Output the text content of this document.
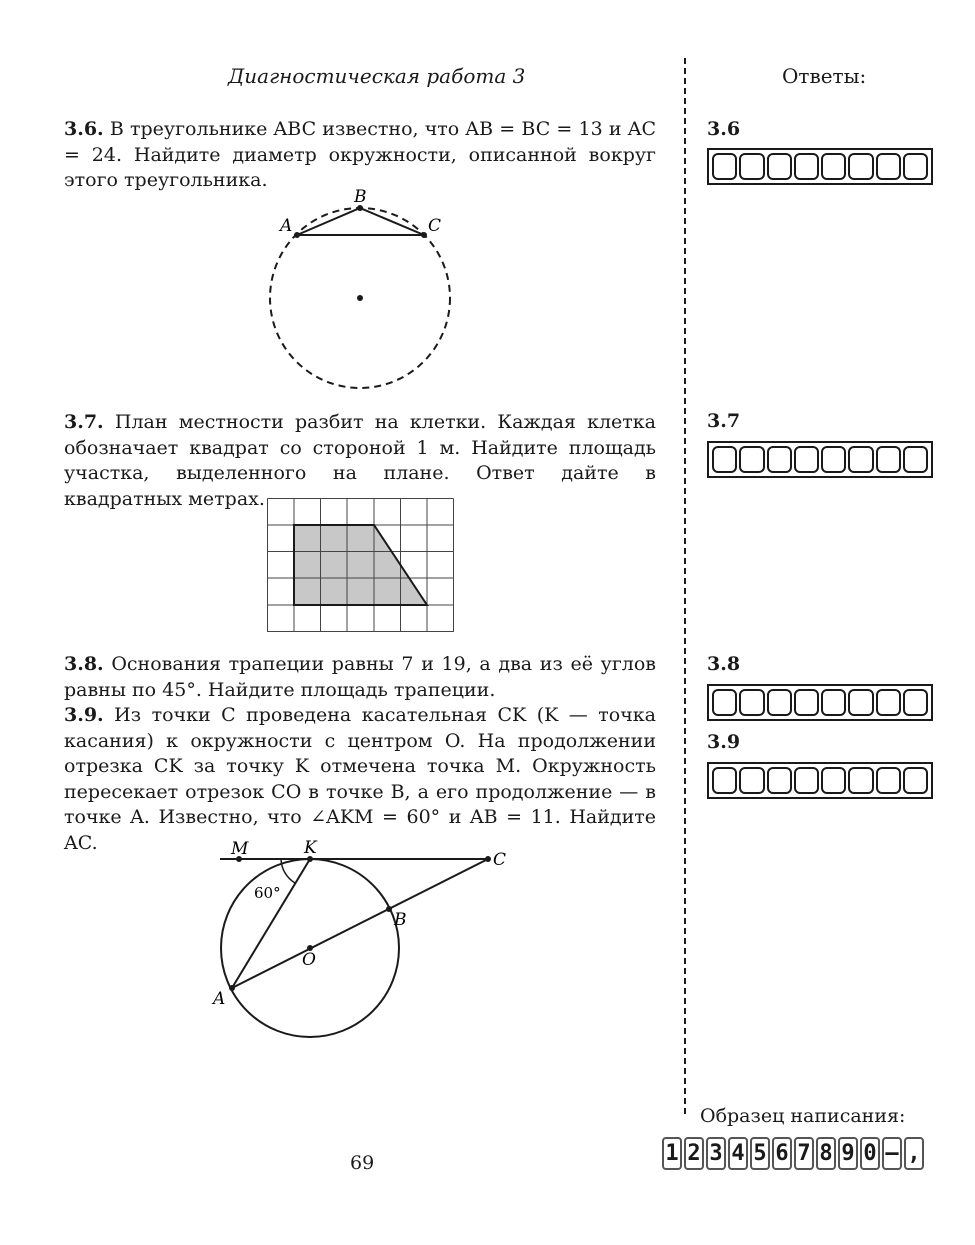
Диагностическая работа 3	Ответы:
3.6. В треугольнике ABC известно, что AB = BC = 13 и AC = 24. Найдите диаметр окружности, описанной вокруг этого треугольника.
A
B
C
3.7. План местности разбит на клетки. Каждая клетка обозначает квадрат со стороной 1 м. Найдите площадь участка, выделенного на плане. Ответ дайте в квадратных метрах.
3.8. Основания трапеции равны 7 и 19, а два из её углов равны по 45°. Найдите площадь трапеции.
3.9. Из точки C проведена касательная CK (K — точка касания) к окружности с центром O. На продолжении отрезка CK за точку K отмечена точка M. Окружность пересекает отрезок CO в точке B, а его продолжение — в точке A. Известно, что ∠AKM = 60° и AB = 11. Найдите AC.	M	K
C
B
O
A
60°
3.6
3.7
3.8
3.9
Образец написания:
1 2 3 4 5 6 7 8 9 0 – ,
69
